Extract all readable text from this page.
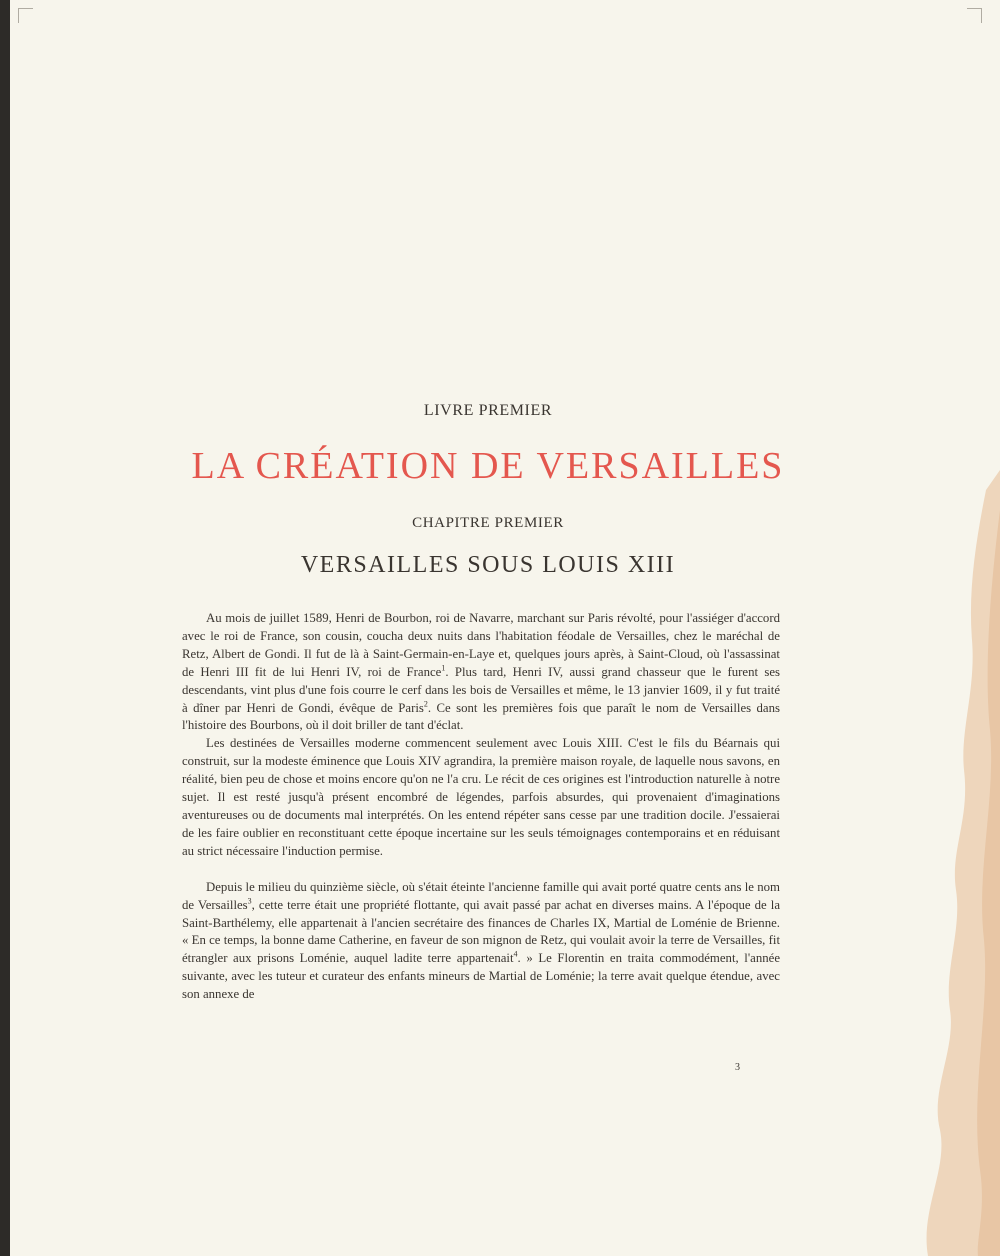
LIVRE PREMIER
LA CRÉATION DE VERSAILLES
CHAPITRE PREMIER
VERSAILLES SOUS LOUIS XIII

Au mois de juillet 1589, Henri de Bourbon, roi de Navarre, marchant sur Paris révolté, pour l'assiéger d'accord avec le roi de France, son cousin, coucha deux nuits dans l'habitation féodale de Versailles, chez le maréchal de Retz, Albert de Gondi. Il fut de là à Saint-Germain-en-Laye et, quelques jours après, à Saint-Cloud, où l'assassinat de Henri III fit de lui Henri IV, roi de France$^1$. Plus tard, Henri IV, aussi grand chasseur que le furent ses descendants, vint plus d'une fois courre le cerf dans les bois de Versailles et même, le 13 janvier 1609, il y fut traité à dîner par Henri de Gondi, évêque de Paris$^2$. Ce sont les premières fois que paraît le nom de Versailles dans l'histoire des Bourbons, où il doit briller de tant d'éclat.

Les destinées de Versailles moderne commencent seulement avec Louis XIII. C'est le fils du Béarnais qui construit, sur la modeste éminence que Louis XIV agrandira, la première maison royale, de laquelle nous savons, en réalité, bien peu de chose et moins encore qu'on ne l'a cru. Le récit de ces origines est l'introduction naturelle à notre sujet. Il est resté jusqu'à présent encombré de légendes, parfois absurdes, qui provenaient d'imaginations aventureuses ou de documents mal interprétés. On les entend répéter sans cesse par une tradition docile. J'essaierai de les faire oublier en reconstituant cette époque incertaine sur les seuls témoignages contemporains et en réduisant au strict nécessaire l'induction permise.

Depuis le milieu du quinzième siècle, où s'était éteinte l'ancienne famille qui avait porté quatre cents ans le nom de Versailles$^3$, cette terre était une propriété flottante, qui avait passé par achat en diverses mains. A l'époque de la Saint-Barthélemy, elle appartenait à l'ancien secrétaire des finances de Charles IX, Martial de Loménie de Brienne. « En ce temps, la bonne dame Catherine, en faveur de son mignon de Retz, qui voulait avoir la terre de Versailles, fit étrangler aux prisons Loménie, auquel ladite terre appartenait$^4$. » Le Florentin en traita commodément, l'année suivante, avec les tuteur et curateur des enfants mineurs de Martial de Loménie; la terre avait quelque étendue, avec son annexe de

3
